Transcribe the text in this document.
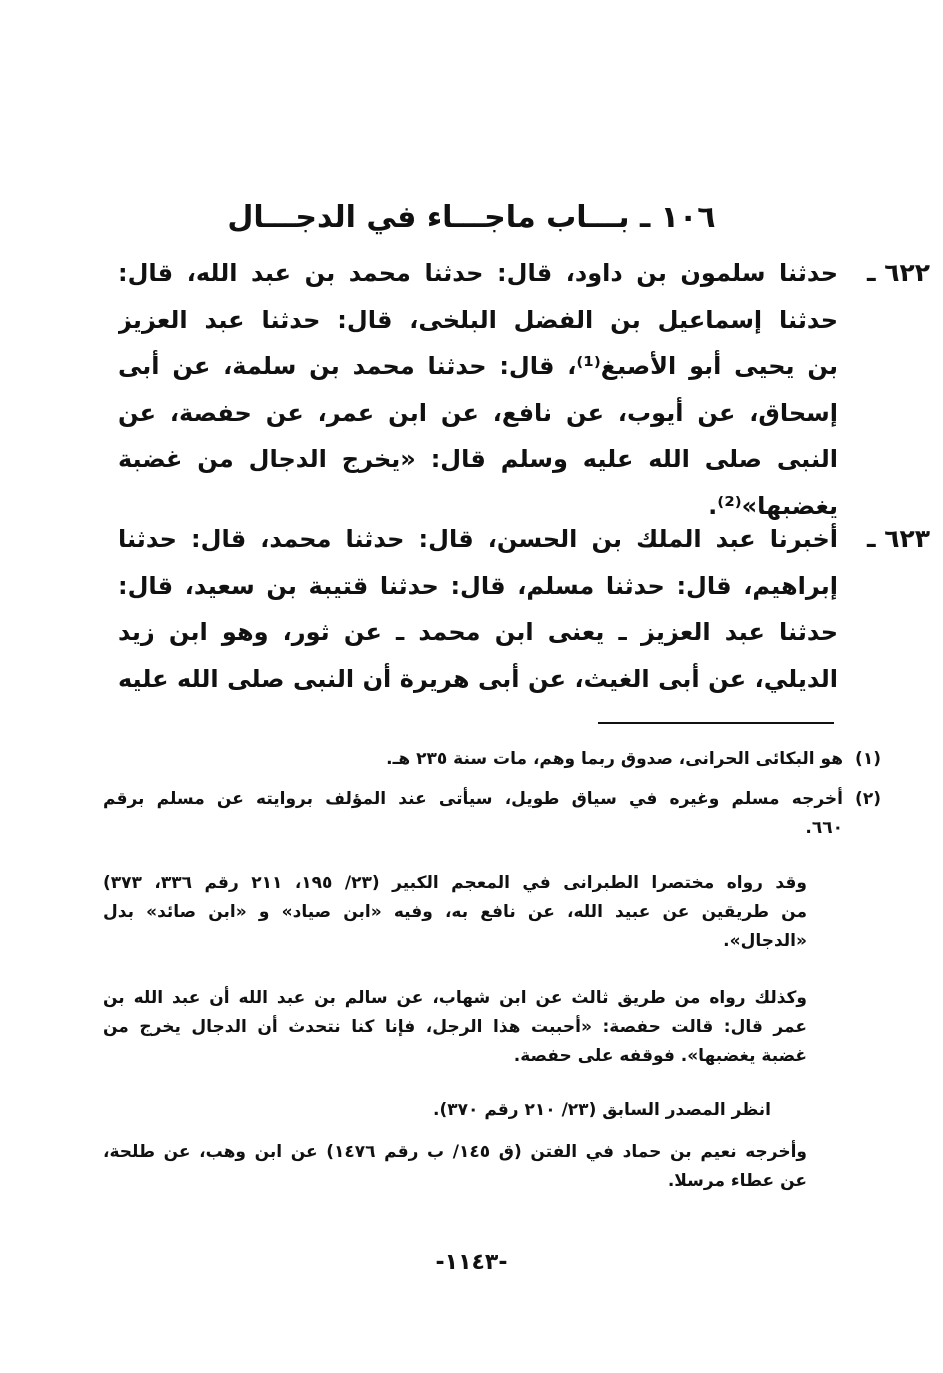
١٠٦ ـ بـــاب ماجـــاء في الدجـــال
٦٢٢ ـ
حدثنا سلمون بن داود، قال: حدثنا محمد بن عبد الله، قال:
حدثنا إسماعيل بن الفضل البلخى، قال: حدثنا عبد العزيز
بن يحيى أبو الأصبغ⁽¹⁾، قال: حدثنا محمد بن سلمة، عن أبى
إسحاق، عن أيوب، عن نافع، عن ابن عمر، عن حفصة، عن
النبى صلى الله عليه وسلم قال: «يخرج الدجال من غضبة
يغضبها»⁽²⁾.
٦٢٣ ـ
أخبرنا عبد الملك بن الحسن، قال: حدثنا محمد، قال: حدثنا
إبراهيم، قال: حدثنا مسلم، قال: حدثنا قتيبة بن سعيد، قال:
حدثنا عبد العزيز ـ يعنى ابن محمد ـ عن ثور، وهو ابن زيد
الديلي، عن أبى الغيث، عن أبى هريرة أن النبى صلى الله عليه
(١)
هو البكائى الحرانى، صدوق ربما وهم، مات سنة ٢٣٥ هـ.
(٢)
أخرجه مسلم وغيره في سياق طويل، سيأتى عند المؤلف بروايته عن مسلم برقم
٦٦٠.
وقد رواه مختصرا الطبرانى في المعجم الكبير (٢٣/ ١٩٥، ٢١١ رقم ٣٣٦، ٣٧٣)
من طريقين عن عبيد الله، عن نافع به، وفيه «ابن صياد» و «ابن صائد» بدل
«الدجال».
وكذلك رواه من طريق ثالث عن ابن شهاب، عن سالم بن عبد الله أن عبد الله بن
عمر قال: قالت حفصة: «أحببت هذا الرجل، فإنا كنا نتحدث أن الدجال يخرج من
غضبة يغضبها». فوقفه على حفصة.
انظر المصدر السابق (٢٣/ ٢١٠ رقم ٣٧٠).
وأخرجه نعيم بن حماد في الفتن (ق ١٤٥/ ب رقم ١٤٧٦) عن ابن وهب، عن طلحة،
عن عطاء مرسلا.
-١١٤٣-
